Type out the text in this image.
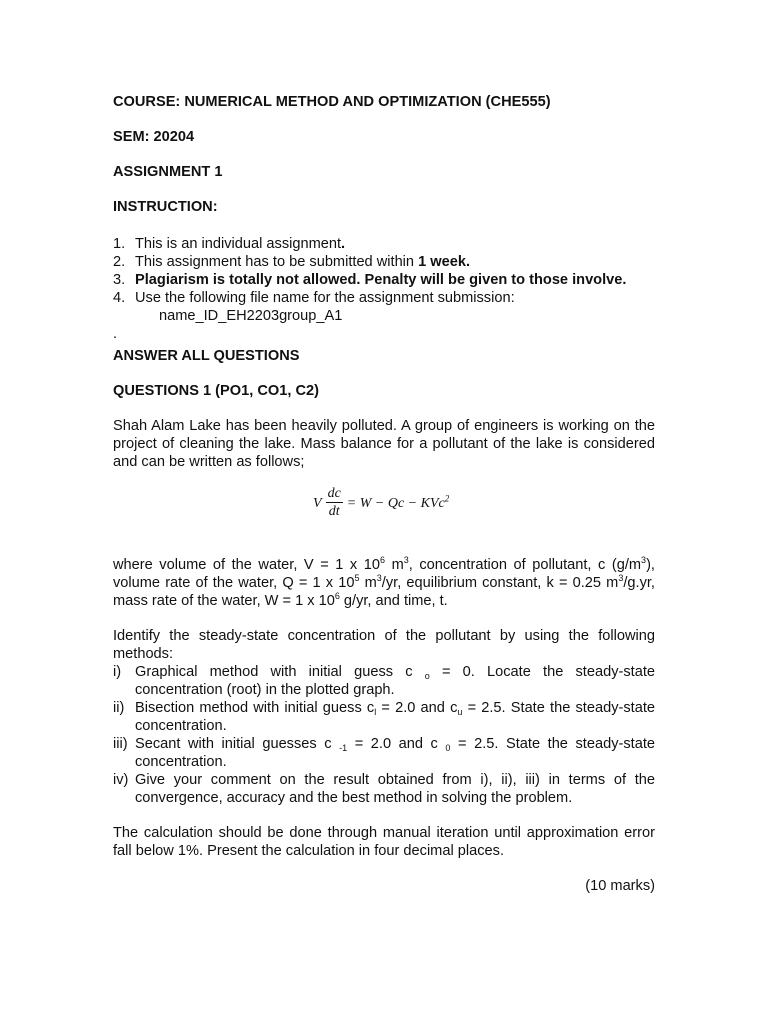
COURSE: NUMERICAL METHOD AND OPTIMIZATION (CHE555)
SEM: 20204
ASSIGNMENT 1
INSTRUCTION:
1. This is an individual assignment.
2. This assignment has to be submitted within 1 week.
3. Plagiarism is totally not allowed. Penalty will be given to those involve.
4. Use the following file name for the assignment submission:
name_ID_EH2203group_A1
.
ANSWER ALL QUESTIONS
QUESTIONS 1 (PO1, CO1, C2)
Shah Alam Lake has been heavily polluted. A group of engineers is working on the project of cleaning the lake. Mass balance for a pollutant of the lake is considered and can be written as follows;
V $\frac{dc}{dt} = W - Qc - KVc^2$
where volume of the water, V = 1 x $10^6$ $m^3$, concentration of pollutant, c $(g/m^3)$, volume rate of the water, Q = 1 x $10^5$ $m^3/yr$, equilibrium constant, k = 0.25 $m^3/g.yr$, mass rate of the water, W = 1 x $10^6$ g/yr, and time, t.
Identify the steady-state concentration of the pollutant by using the following methods:
i) Graphical method with initial guess c $_o$ = 0. Locate the steady-state concentration (root) in the plotted graph.
ii) Bisection method with initial guess $c_l = 2.0$ and $c_u = 2.5$. State the steady-state concentration.
iii) Secant with initial guesses c $_{-1}$ = 2.0 and c $_0$ = 2.5. State the steady-state concentration.
iv) Give your comment on the result obtained from i), ii), iii) in terms of the convergence, accuracy and the best method in solving the problem.
The calculation should be done through manual iteration until approximation error fall below 1%. Present the calculation in four decimal places.
(10 marks)
